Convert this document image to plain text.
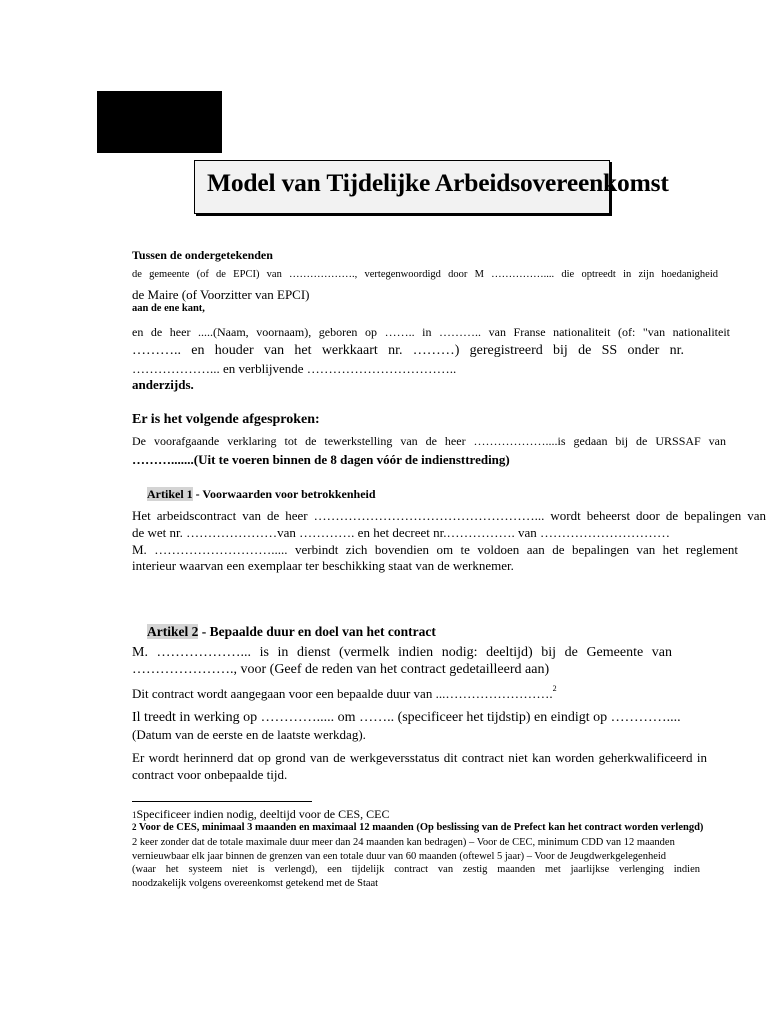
Model van Tijdelijke Arbeidsovereenkomst
Tussen de ondergetekenden
de gemeente (of de EPCI) van ………………., vertegenwoordigd door M …………….... die optreedt in zijn hoedanigheid
de Maire (of Voorzitter van EPCI)
aan de ene kant,
en de heer .....(Naam, voornaam), geboren op …….. in ……….. van Franse nationaliteit (of: "van nationaliteit
……….. en houder van het werkkaart nr. ………) geregistreerd bij de SS onder nr.
………………... en verblijvende ……………………………..
anderzijds.
Er is het volgende afgesproken:
De voorafgaande verklaring tot de tewerkstelling van de heer ………………....is gedaan bij de URSSAF van
……….......(Uit te voeren binnen de 8 dagen vóór de indiensttreding)
Artikel 1 - Voorwaarden voor betrokkenheid
Het arbeidscontract van de heer ……………………………………………... wordt beheerst door de bepalingen van
de wet nr. …………………van …………. en het decreet nr.……………. van …………………………
M. ………………………..... verbindt zich bovendien om te voldoen aan de bepalingen van het reglement
interieur waarvan een exemplaar ter beschikking staat van de werknemer.
Artikel 2 - Bepaalde duur en doel van het contract
M. ………………... is in dienst (vermelk indien nodig: deeltijd) bij de Gemeente van
…………………., voor (Geef de reden van het contract gedetailleerd aan)
Dit contract wordt aangegaan voor een bepaalde duur van ...…………………….$^2$
Il treedt in werking op …………..... om …….. (specificeer het tijdstip) en eindigt op …………....
(Datum van de eerste en de laatste werkdag).
Er wordt herinnerd dat op grond van de werkgeversstatus dit contract niet kan worden geherkwalificeerd in
contract voor onbepaalde tijd.
1Specificeer indien nodig, deeltijd voor de CES, CEC
2 Voor de CES, minimaal 3 maanden en maximaal 12 maanden (Op beslissing van de Prefect kan het contract worden verlengd)
2 keer zonder dat de totale maximale duur meer dan 24 maanden kan bedragen) – Voor de CEC, minimum CDD van 12 maanden
vernieuwbaar elk jaar binnen de grenzen van een totale duur van 60 maanden (oftewel 5 jaar) – Voor de Jeugdwerkgelegenheid
(waar het systeem niet is verlengd), een tijdelijk contract van zestig maanden met jaarlijkse verlenging indien
noodzakelijk volgens overeenkomst getekend met de Staat
